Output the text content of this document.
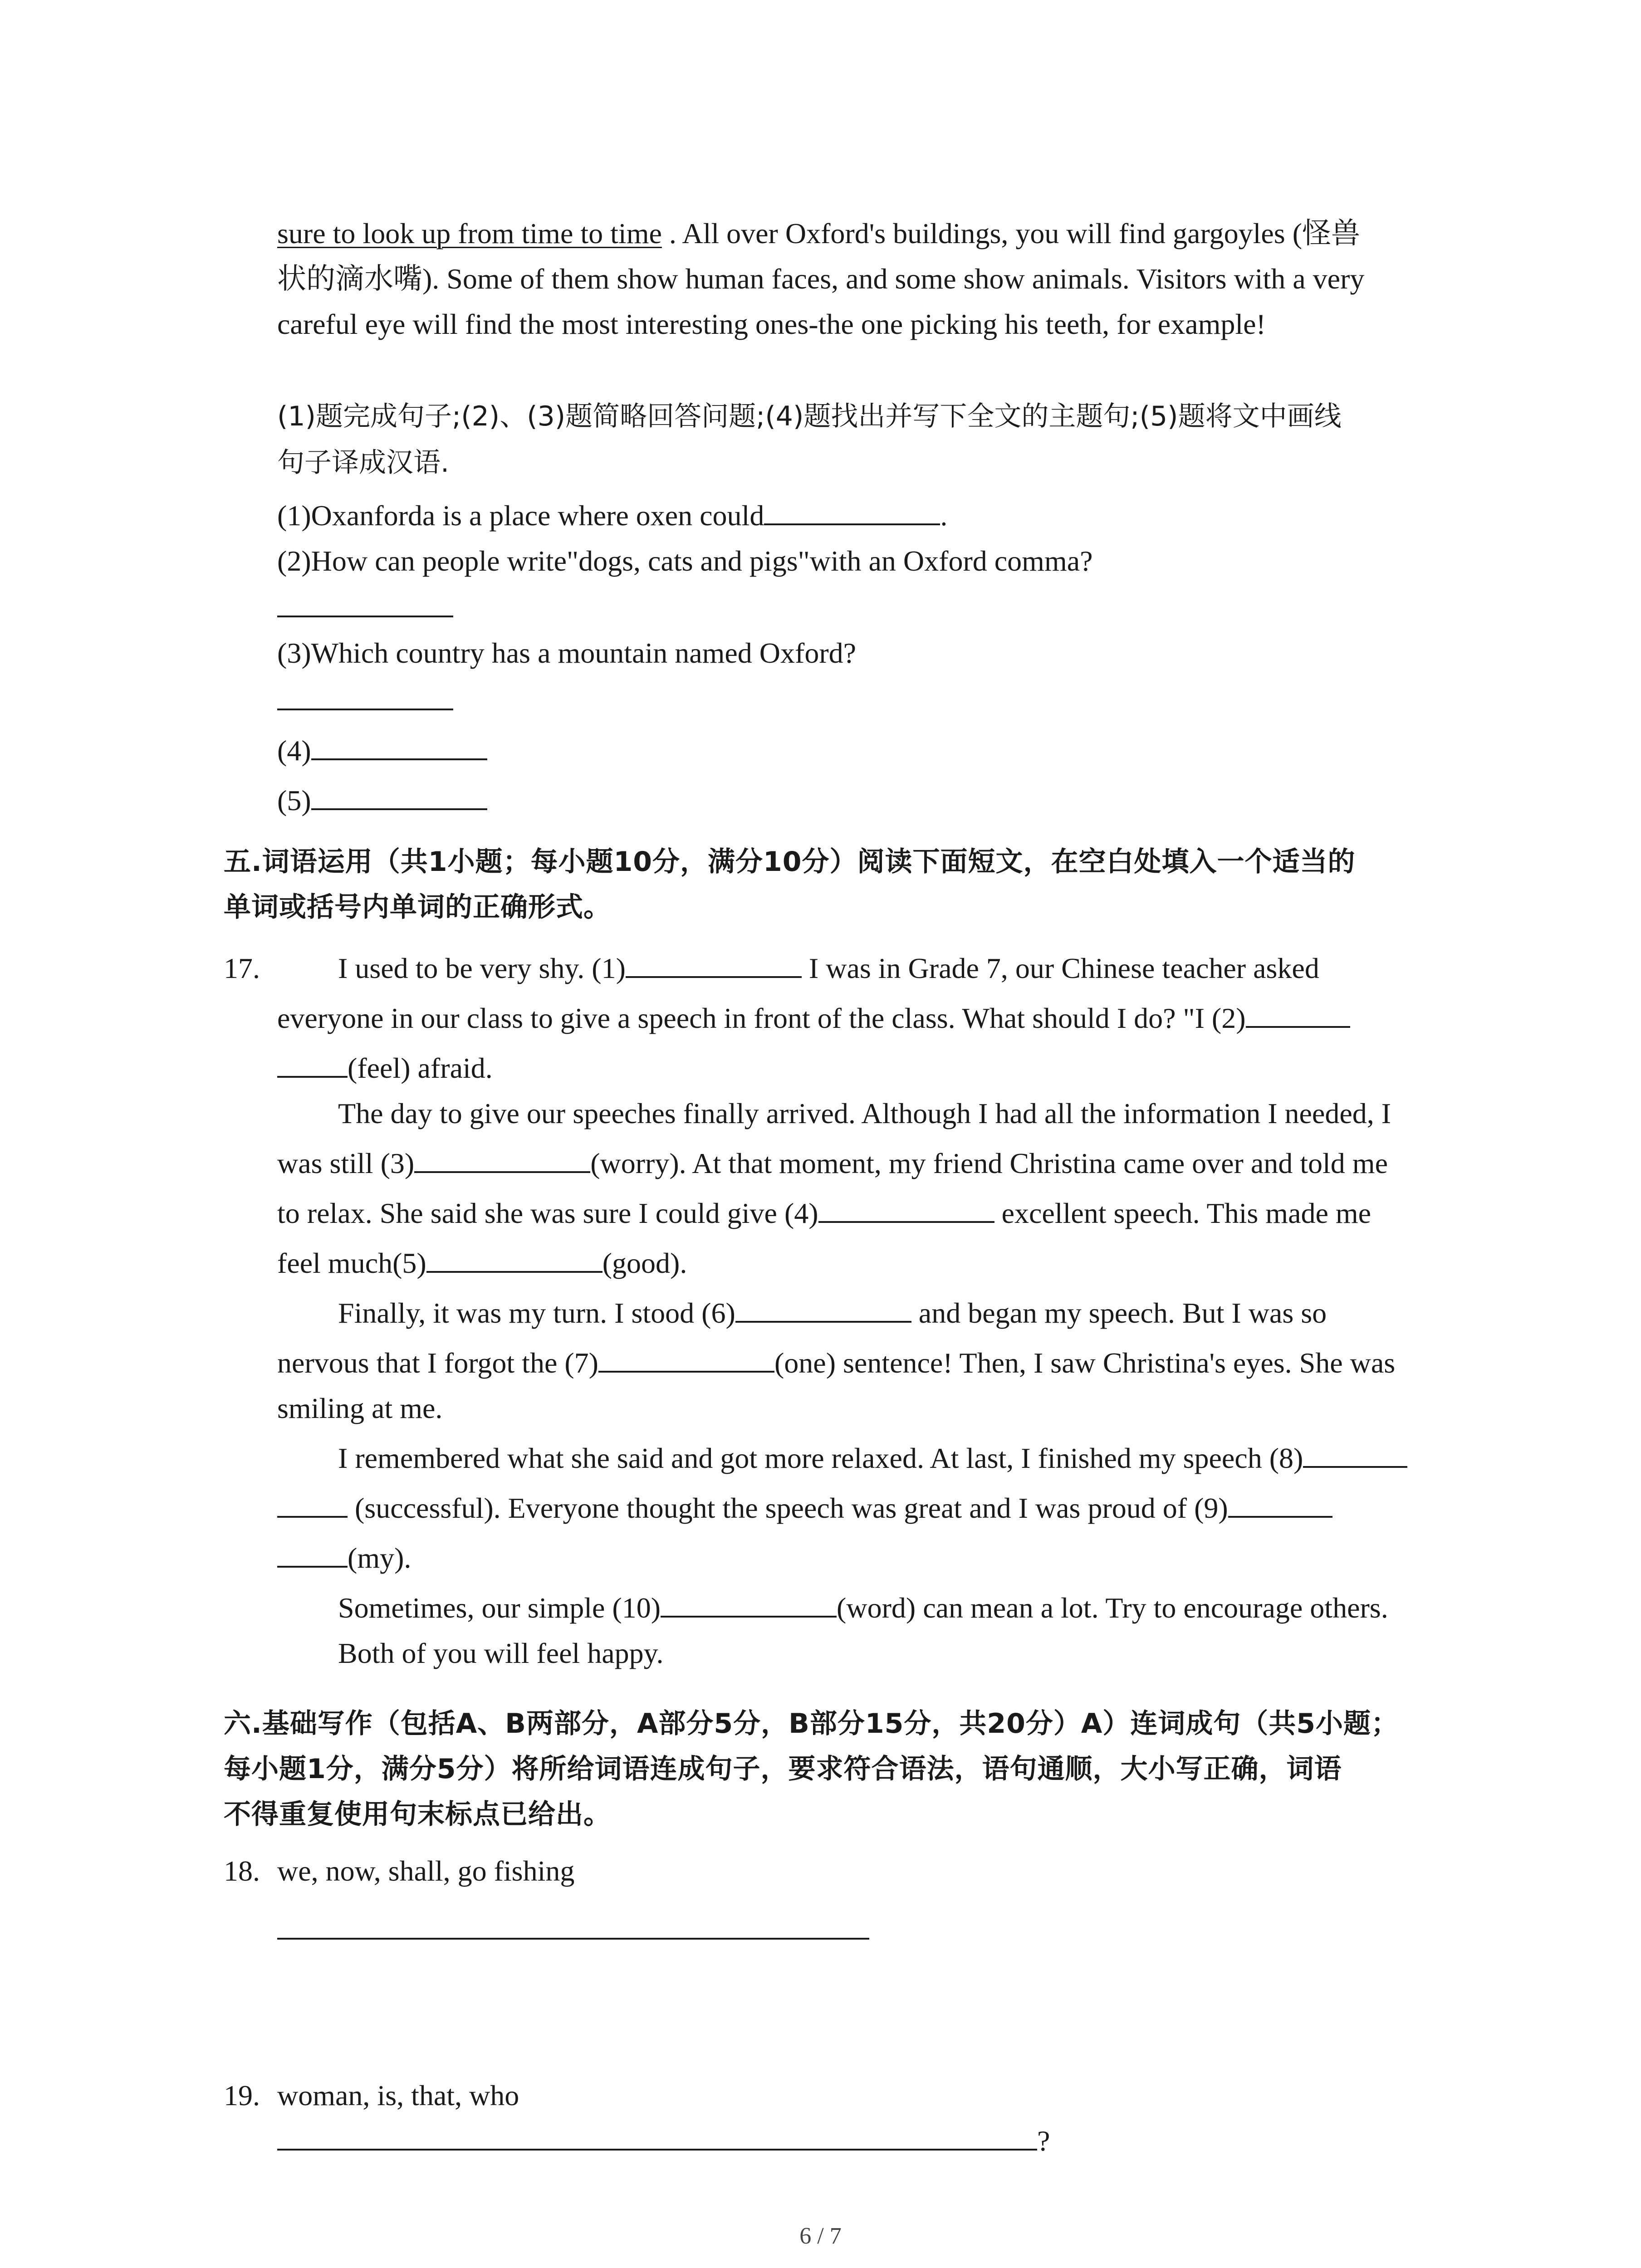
sure to look up from time to time . All over Oxford's buildings, you will find gargoyles (怪兽
状的滴水嘴). Some of them show human faces, and some show animals. Visitors with a very
careful eye will find the most interesting ones-the one picking his teeth, for example!
(1)题完成句子;(2)、(3)题简略回答问题;(4)题找出并写下全文的主题句;(5)题将文中画线
句子译成汉语.
(1)Oxanforda is a place where oxen could	.
(2)How can people write"dogs, cats and pigs"with an Oxford comma?
(3)Which country has a mountain named Oxford?
(4)
(5)
五.词语运用（共1小题；每小题10分，满分10分）阅读下面短文，在空白处填入一个适当的
单词或括号内单词的正确形式。
17.	I used to be very shy. (1)	I was in Grade 7, our Chinese teacher asked
everyone in our class to give a speech in front of the class. What should I do? "I (2)
(feel) afraid.
The day to give our speeches finally arrived. Although I had all the information I needed, I
was still (3)	(worry). At that moment, my friend Christina came over and told me
to relax. She said she was sure I could give (4)	excellent speech. This made me
feel much(5)	(good).
Finally, it was my turn. I stood (6)	and began my speech. But I was so
nervous that I forgot the (7)	(one) sentence! Then, I saw Christina's eyes. She was
smiling at me.
I remembered what she said and got more relaxed. At last, I finished my speech (8)
(successful). Everyone thought the speech was great and I was proud of (9)
(my).
Sometimes, our simple (10)	(word) can mean a lot. Try to encourage others.
Both of you will feel happy.
六.基础写作（包括A、B两部分，A部分5分，B部分15分，共20分）A）连词成句（共5小题；
每小题1分，满分5分）将所给词语连成句子，要求符合语法，语句通顺，大小写正确，词语
不得重复使用句末标点已给出。
18. we, now, shall, go fishing
19. woman, is, that, who
?
6 / 7
